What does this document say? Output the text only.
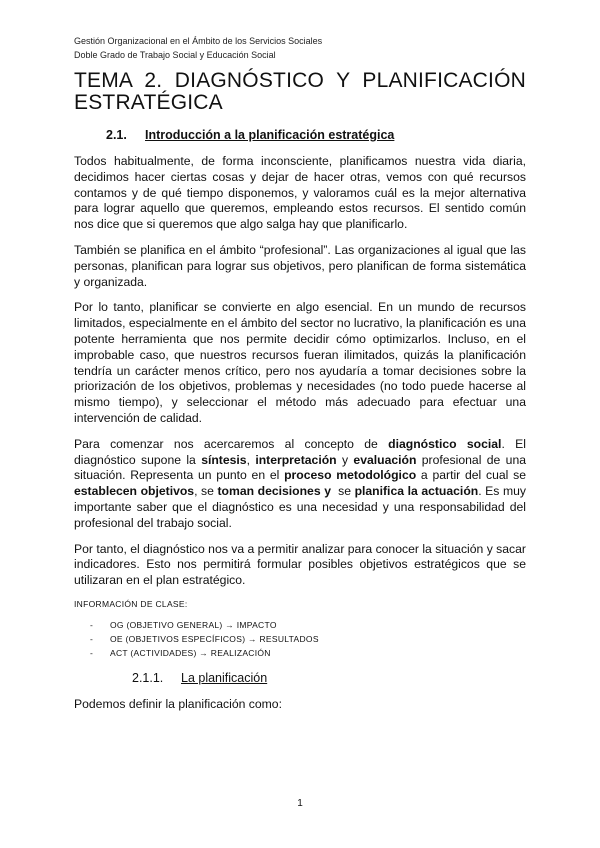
Gestión Organizacional en el Ámbito de los Servicios Sociales

Doble Grado de Trabajo Social y Educación Social

TEMA 2. DIAGNÓSTICO Y PLANIFICACIÓN ESTRATÉGICA
2.1.	Introducción a la planificación estratégica

Todos habitualmente, de forma inconsciente, planificamos nuestra vida diaria, decidimos hacer ciertas cosas y dejar de hacer otras, vemos con qué recursos contamos y de qué tiempo disponemos, y valoramos cuál es la mejor alternativa para lograr aquello que queremos, empleando estos recursos. El sentido común nos dice que si queremos que algo salga hay que planificarlo.

También se planifica en el ámbito “profesional”. Las organizaciones al igual que las personas, planifican para lograr sus objetivos, pero planifican de forma sistemática y organizada.

Por lo tanto, planificar se convierte en algo esencial. En un mundo de recursos limitados, especialmente en el ámbito del sector no lucrativo, la planificación es una potente herramienta que nos permite decidir cómo optimizarlos. Incluso, en el improbable caso, que nuestros recursos fueran ilimitados, quizás la planificación tendría un carácter menos crítico, pero nos ayudaría a tomar decisiones sobre la priorización de los objetivos, problemas y necesidades (no todo puede hacerse al mismo tiempo), y seleccionar el método más adecuado para efectuar una intervención de calidad.

Para comenzar nos acercaremos al concepto de diagnóstico social. El diagnóstico supone la síntesis, interpretación y evaluación profesional de una situación. Representa un punto en el proceso metodológico a partir del cual se establecen objetivos, se toman decisiones y  se planifica la actuación. Es muy importante saber que el diagnóstico es una necesidad y una responsabilidad del profesional del trabajo social.

Por tanto, el diagnóstico nos va a permitir analizar para conocer la situación y sacar indicadores. Esto nos permitirá formular posibles objetivos estratégicos que se utilizaran en el plan estratégico.

INFORMACIÓN DE CLASE:
-	OG (OBJETIVO GENERAL) → IMPACTO
-	OE (OBJETIVOS ESPECÍFICOS) → RESULTADOS
-	ACT (ACTIVIDADES) → REALIZACIÓN
2.1.1.	La planificación

Podemos definir la planificación como:

1
